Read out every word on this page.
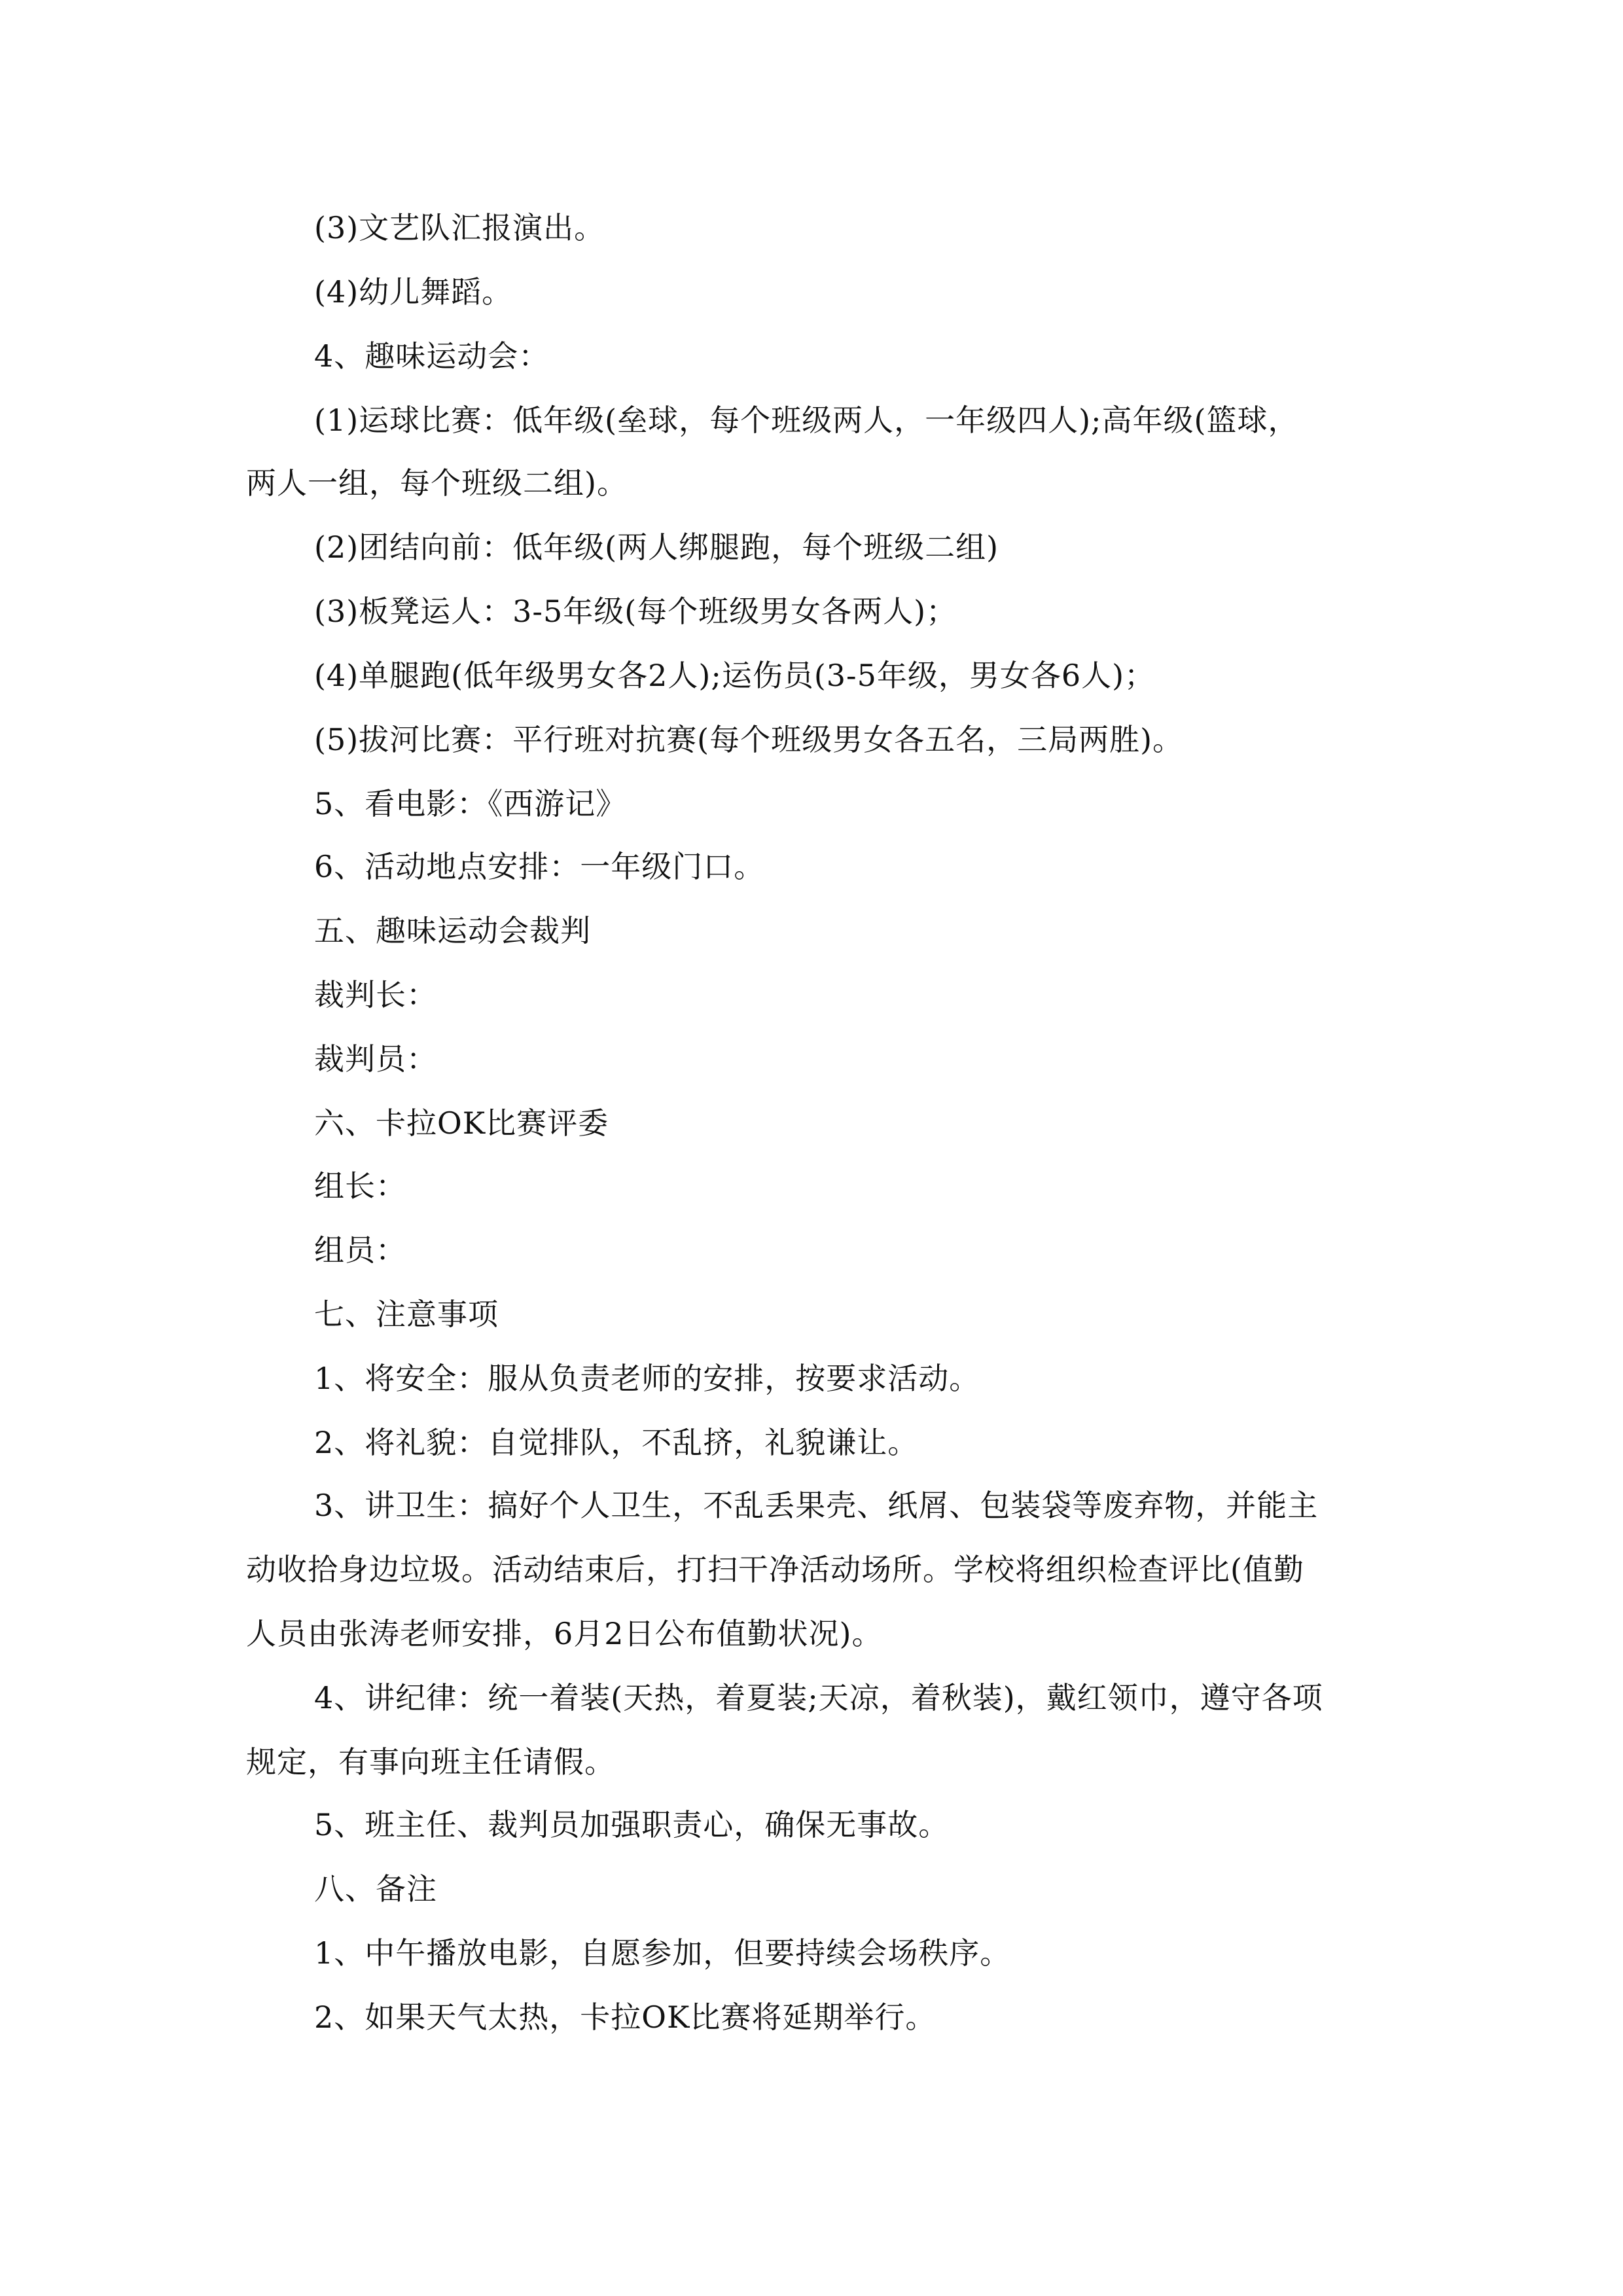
(3)文艺队汇报演出。
(4)幼儿舞蹈。
4、趣味运动会：
(1)运球比赛：低年级(垒球，每个班级两人，一年级四人);高年级(篮球，
两人一组，每个班级二组)。
(2)团结向前：低年级(两人绑腿跑，每个班级二组)
(3)板凳运人：3-5年级(每个班级男女各两人)；
(4)单腿跑(低年级男女各2人);运伤员(3-5年级，男女各6人)；
(5)拔河比赛：平行班对抗赛(每个班级男女各五名，三局两胜)。
5、看电影：《西游记》
6、活动地点安排：一年级门口。
五、趣味运动会裁判
裁判长：
裁判员：
六、卡拉OK比赛评委
组长：
组员：
七、注意事项
1、将安全：服从负责老师的安排，按要求活动。
2、将礼貌：自觉排队，不乱挤，礼貌谦让。
3、讲卫生：搞好个人卫生，不乱丢果壳、纸屑、包装袋等废弃物，并能主
动收拾身边垃圾。活动结束后，打扫干净活动场所。学校将组织检查评比(值勤
人员由张涛老师安排，6月2日公布值勤状况)。
4、讲纪律：统一着装(天热，着夏装;天凉，着秋装)，戴红领巾，遵守各项
规定，有事向班主任请假。
5、班主任、裁判员加强职责心，确保无事故。
八、备注
1、中午播放电影，自愿参加，但要持续会场秩序。
2、如果天气太热，卡拉OK比赛将延期举行。
